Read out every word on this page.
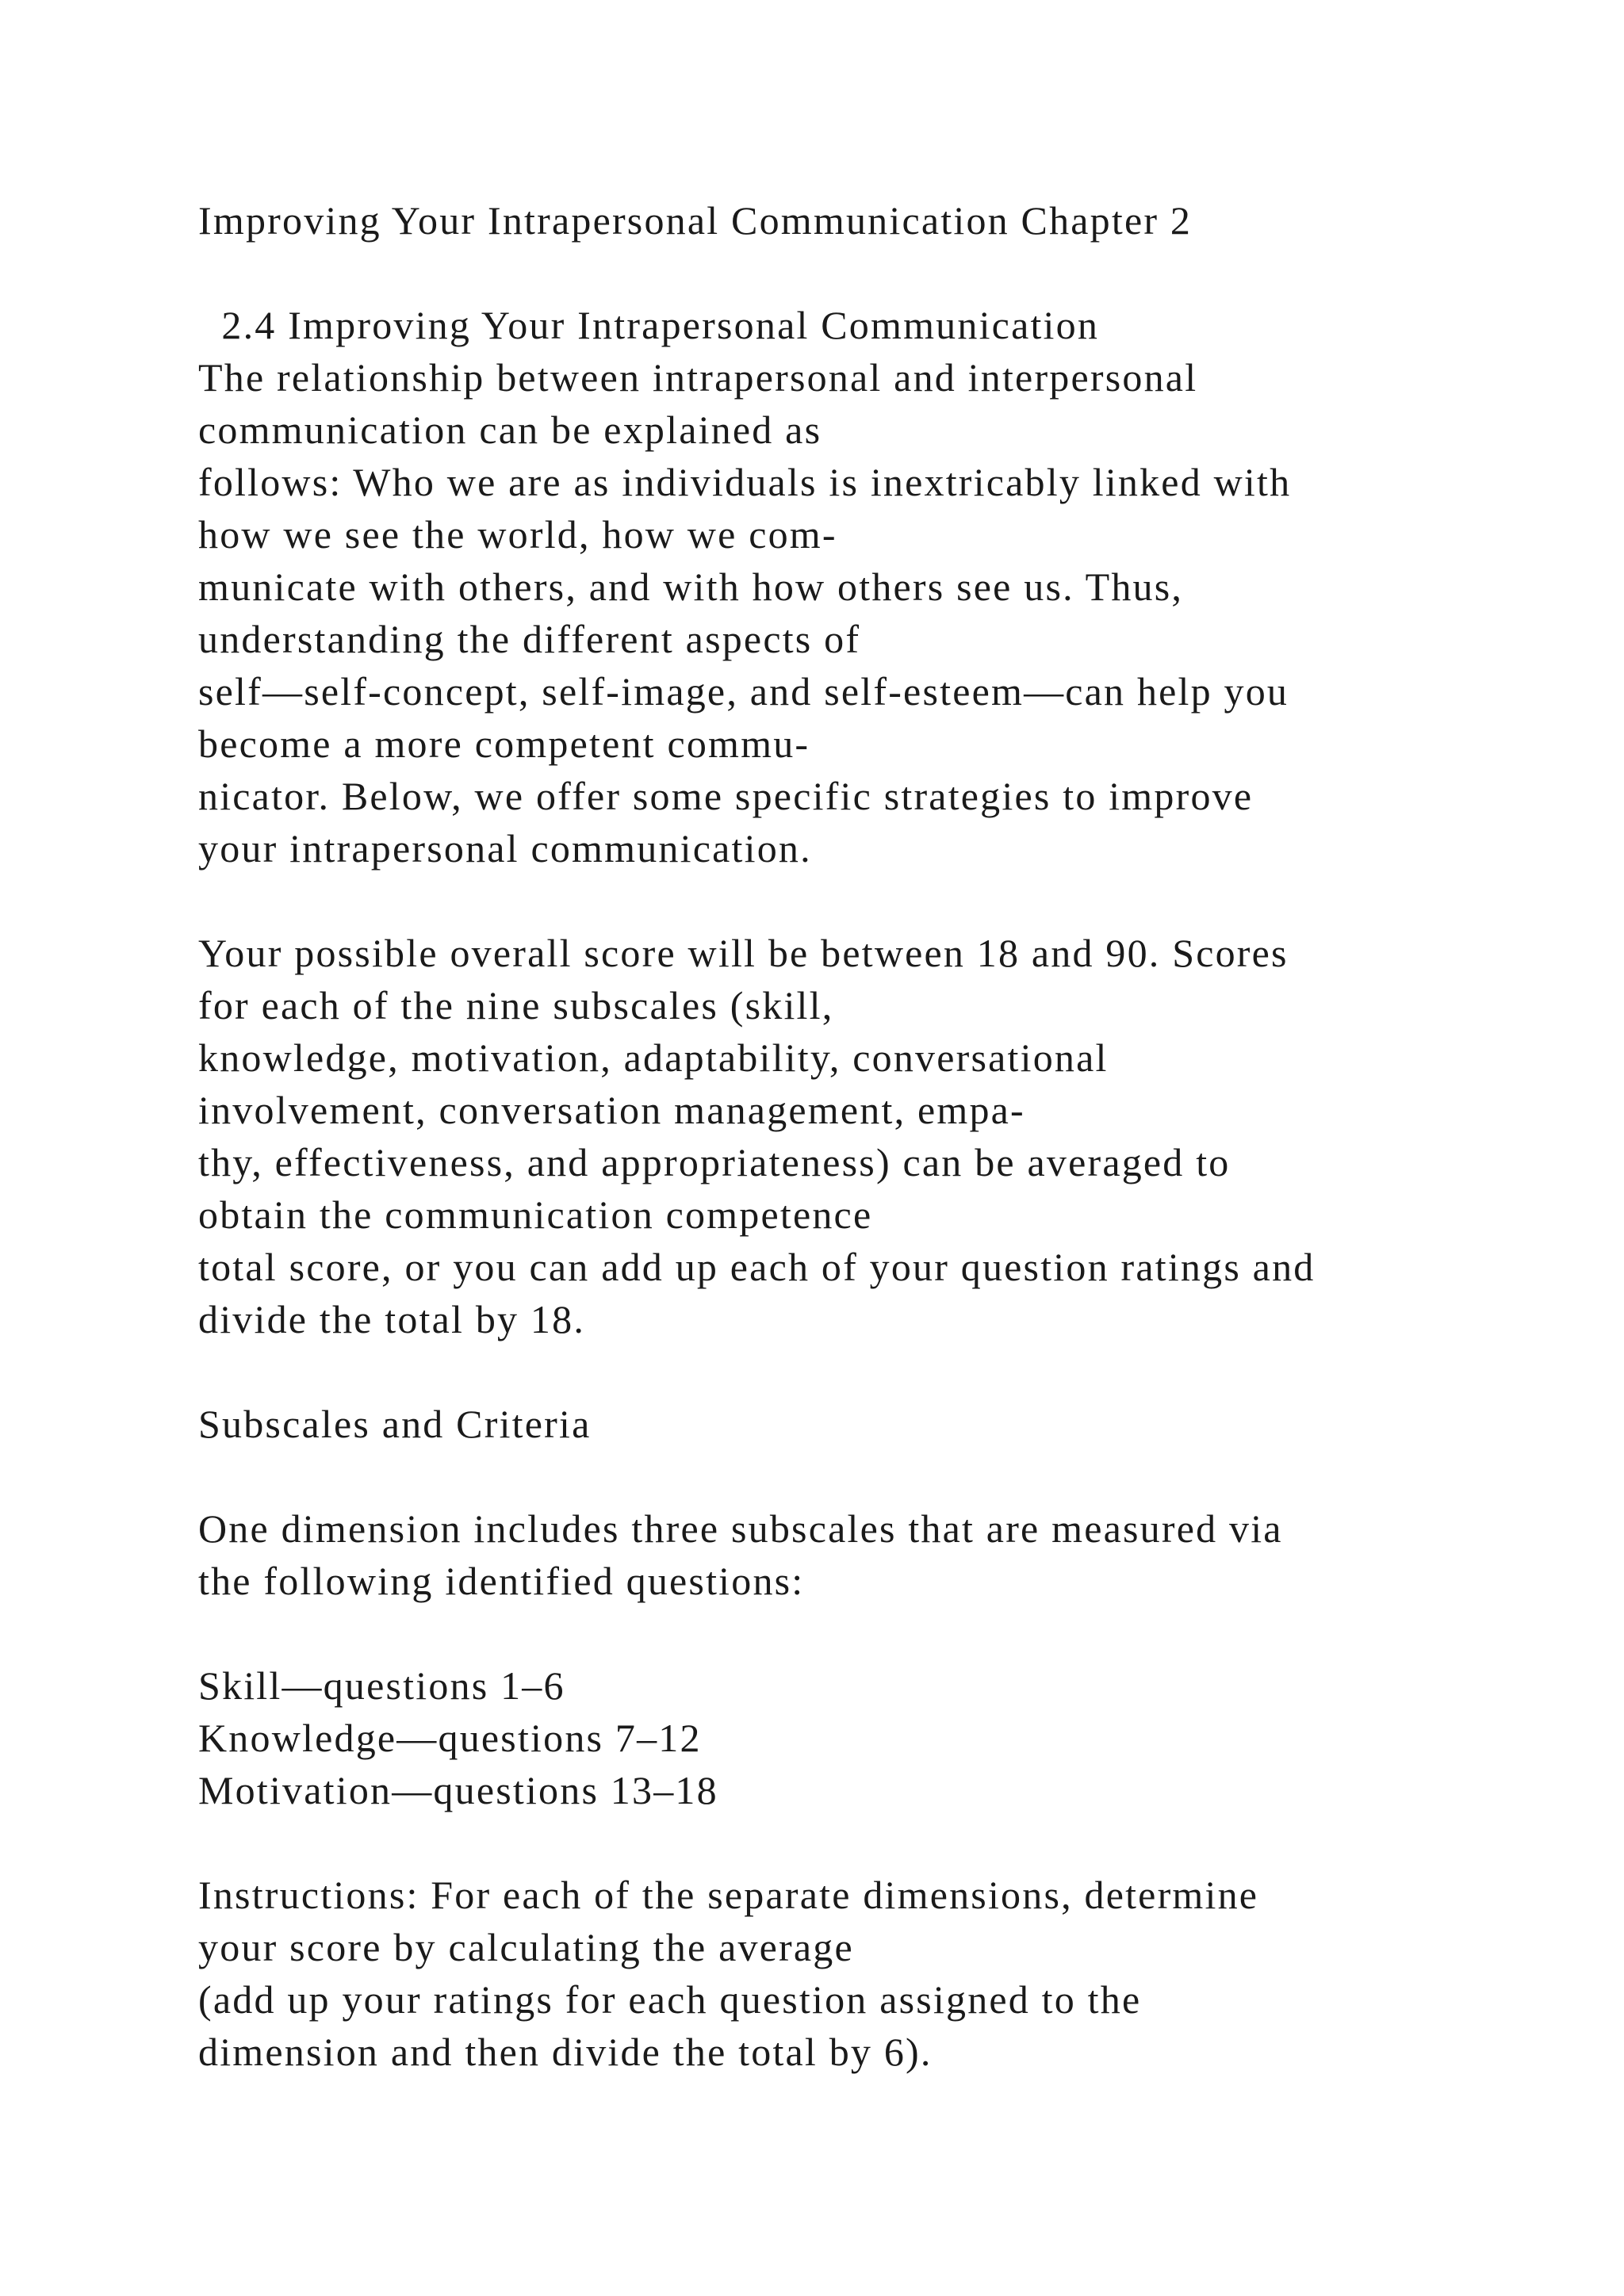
Improving Your Intrapersonal Communication Chapter 2
2.4 Improving Your Intrapersonal Communication
The relationship between intrapersonal and interpersonal
communication can be explained as
follows: Who we are as individuals is inextricably linked with
how we see the world, how we com-
municate with others, and with how others see us. Thus,
understanding the different aspects of
self—self-concept, self-image, and self-esteem—can help you
become a more competent commu-
nicator. Below, we offer some specific strategies to improve
your intrapersonal communication.
Your possible overall score will be between 18 and 90. Scores
for each of the nine subscales (skill,
knowledge, motivation, adaptability, conversational
involvement, conversation management, empa-
thy, effectiveness, and appropriateness) can be averaged to
obtain the communication competence
total score, or you can add up each of your question ratings and
divide the total by 18.
Subscales and Criteria
One dimension includes three subscales that are measured via
the following identified questions:
Skill—questions 1–6
Knowledge—questions 7–12
Motivation—questions 13–18
Instructions: For each of the separate dimensions, determine
your score by calculating the average
(add up your ratings for each question assigned to the
dimension and then divide the total by 6).
